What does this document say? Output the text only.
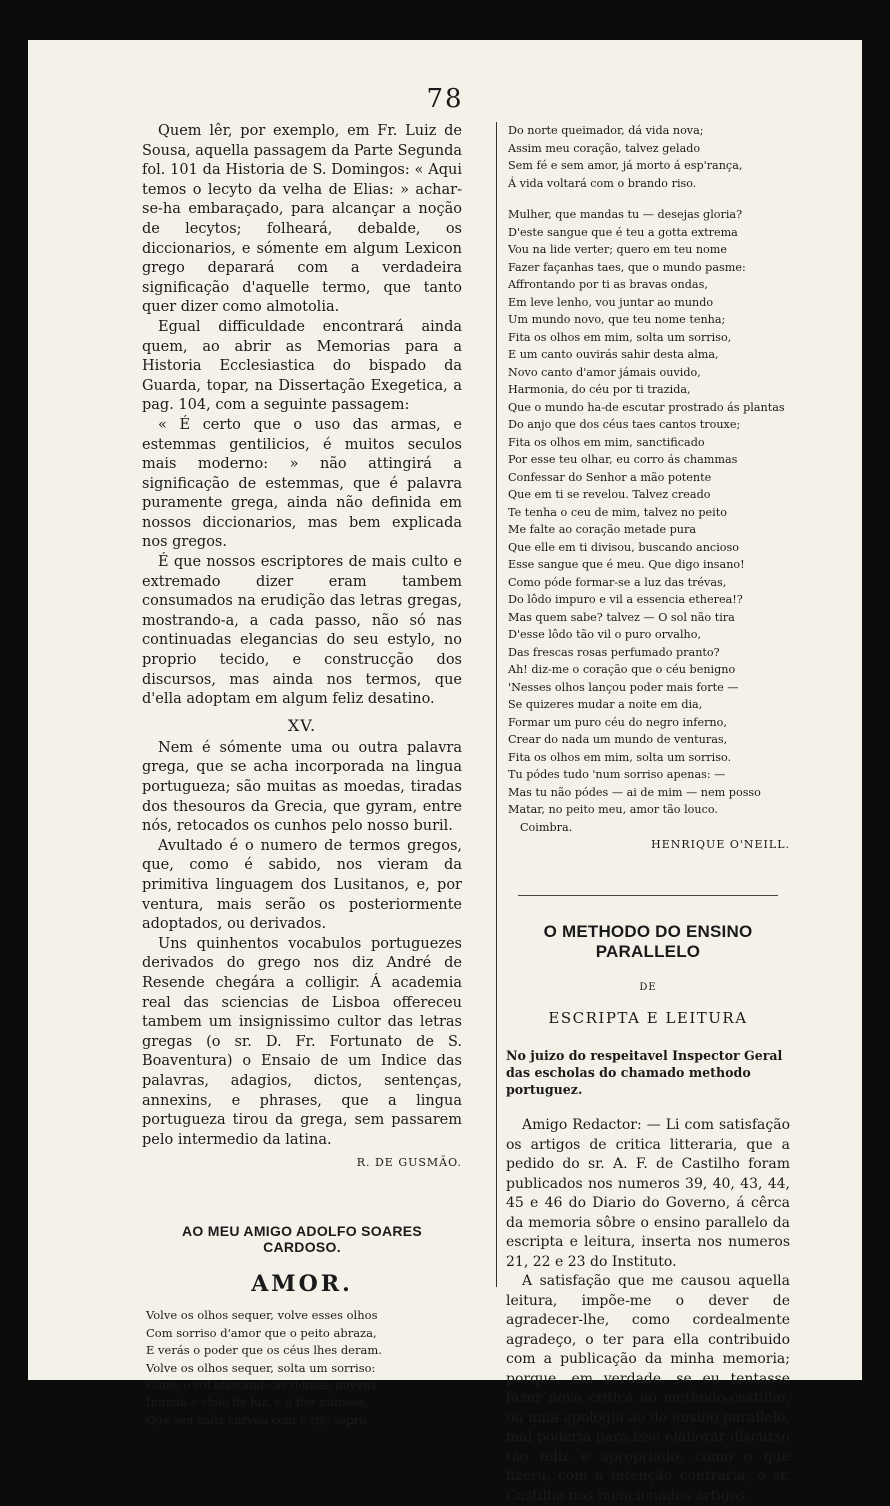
78

Quem lêr, por exemplo, em Fr. Luiz de Sousa, aquella passagem da Parte Segunda fol. 101 da Historia de S. Domingos: « Aqui temos o lecyto da velha de Elias: » achar-se-ha embaraçado, para alcançar a noção de lecytos; folheará, debalde, os diccionarios, e sómente em algum Lexicon grego deparará com a verdadeira significação d'aquelle termo, que tanto quer dizer como almotolia.

Egual difficuldade encontrará ainda quem, ao abrir as Memorias para a Historia Ecclesiastica do bispado da Guarda, topar, na Dissertação Exegetica, a pag. 104, com a seguinte passagem:

« É certo que o uso das armas, e estemmas gentilicios, é muitos seculos mais moderno: » não attingirá a significação de estemmas, que é palavra puramente grega, ainda não definida em nossos diccionarios, mas bem explicada nos gregos.

É que nossos escriptores de mais culto e extremado dizer eram tambem consumados na erudição das letras gregas, mostrando-a, a cada passo, não só nas continuadas elegancias do seu estylo, no proprio tecido, e construcção dos discursos, mas ainda nos termos, que d'ella adoptam em algum feliz desatino.

XV.

Nem é sómente uma ou outra palavra grega, que se acha incorporada na lingua portugueza; são muitas as moedas, tiradas dos thesouros da Grecia, que gyram, entre nós, retocados os cunhos pelo nosso buril.

Avultado é o numero de termos gregos, que, como é sabido, nos vieram da primitiva linguagem dos Lusitanos, e, por ventura, mais serão os posteriormente adoptados, ou derivados.

Uns quinhentos vocabulos portuguezes derivados do grego nos diz André de Resende chegára a colligir. Á academia real das sciencias de Lisboa offereceu tambem um insignissimo cultor das letras gregas (o sr. D. Fr. Fortunato de S. Boaventura) o Ensaio de um Indice das palavras, adagios, dictos, sentenças, annexins, e phrases, que a lingua portugueza tirou da grega, sem passarem pelo intermedio da latina.

R. DE GUSMÃO.
AO MEU AMIGO ADOLFO SOARES CARDOSO.
AMOR.
Volve os olhos sequer, volve esses olhos
Com sorriso d'amor que o peito abraza,
E verás o poder que os céus lhes deram.
Volve os olhos sequer, solta um sorriso:
Como o sol afastando as densas nuvens
Inunda o chão de luz, e á flor mimosa,
Que seu calix curvou com o rijo sopro
Do norte queimador, dá vida nova;
Assim meu coração, talvez gelado
Sem fé e sem amor, já morto á esp'rança,
Á vida voltará com o brando riso.
Mulher, que mandas tu — desejas gloria?
D'este sangue que é teu a gotta extrema
Vou na lide verter; quero em teu nome
Fazer façanhas taes, que o mundo pasme:
Affrontando por ti as bravas ondas,
Em leve lenho, vou juntar ao mundo
Um mundo novo, que teu nome tenha;
Fita os olhos em mim, solta um sorriso,
E um canto ouvirás sahir desta alma,
Novo canto d'amor jámais ouvido,
Harmonia, do céu por ti trazida,
Que o mundo ha-de escutar prostrado ás plantas
Do anjo que dos céus taes cantos trouxe;
Fita os olhos em mim, sanctificado
Por esse teu olhar, eu corro ás chammas
Confessar do Senhor a mão potente
Que em ti se revelou. Talvez creado
Te tenha o ceu de mim, talvez no peito
Me falte ao coração metade pura
Que elle em ti divisou, buscando ancioso
Esse sangue que é meu. Que digo insano!
Como póde formar-se a luz das trévas,
Do lôdo impuro e vil a essencia etherea!?
Mas quem sabe? talvez — O sol não tira
D'esse lôdo tão vil o puro orvalho,
Das frescas rosas perfumado pranto?
Ah! diz-me o coração que o céu benigno
'Nesses olhos lançou poder mais forte —
Se quizeres mudar a noite em dia,
Formar um puro céu do negro inferno,
Crear do nada um mundo de venturas,
Fita os olhos em mim, solta um sorriso.
Tu pódes tudo 'num sorriso apenas: —
Mas tu não pódes — ai de mim — nem posso
Matar, no peito meu, amor tão louco.
Coimbra.
HENRIQUE O'NEILL.
O METHODO DO ENSINO PARALLELO
DE
ESCRIPTA E LEITURA
No juizo do respeitavel Inspector Geral das escholas do chamado methodo portuguez.

Amigo Redactor: — Li com satisfação os artigos de critica litteraria, que a pedido do sr. A. F. de Castilho foram publicados nos numeros 39, 40, 43, 44, 45 e 46 do Diario do Governo, á cêrca da memoria sôbre o ensino parallelo da escripta e leitura, inserta nos numeros 21, 22 e 23 do Instituto.

A satisfação que me causou aquella leitura, impõe-me o dever de agradecer-lhe, como cordealmente agradeço, o ter para ella contribuido com a publicação da minha memoria; porque, em verdade, se eu tentasse fazer nova critica ao methodo-castilho, ou uma apologia ao do ensino parallelo, mal poderia para isso elaborar discurso tão feliz e apropriado, como o que fizera, com a intenção contraria, o sr. Castilho nos mencionados artigos.
